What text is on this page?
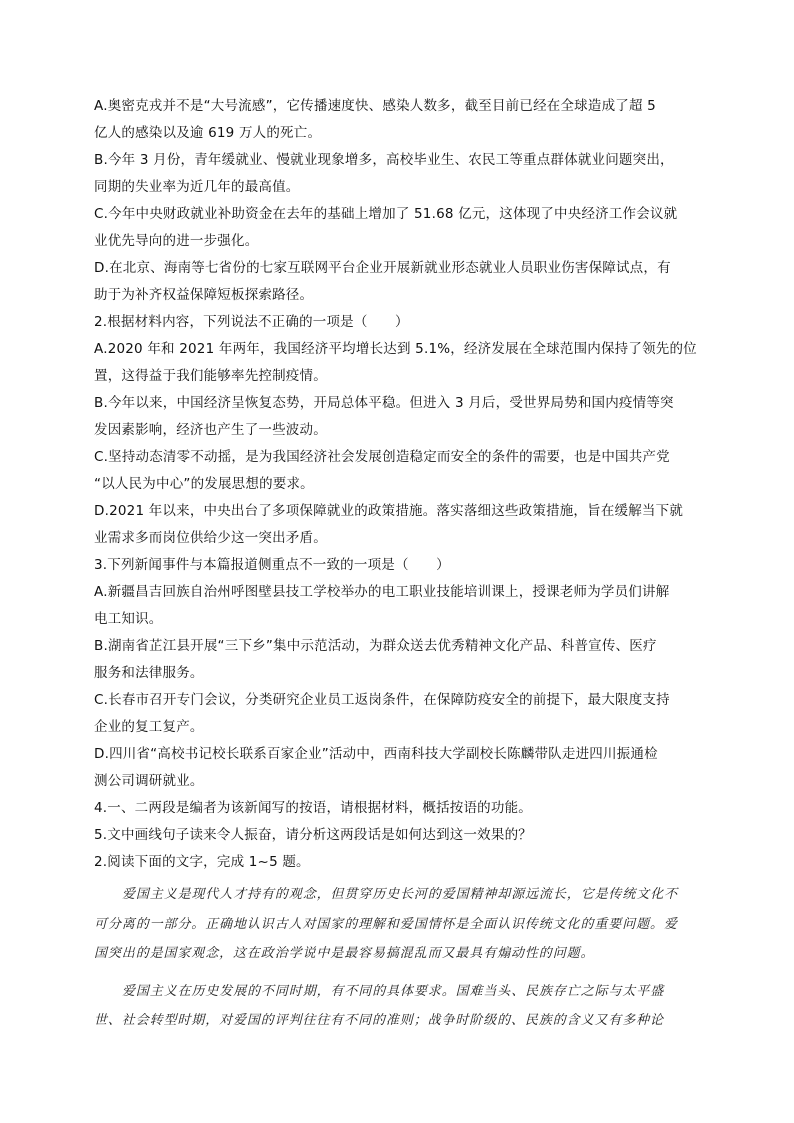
A.奥密克戎并不是“大号流感”，它传播速度快、感染人数多，截至目前已经在全球造成了超 5
亿人的感染以及逾 619 万人的死亡。
B.今年 3 月份，青年缓就业、慢就业现象增多，高校毕业生、农民工等重点群体就业问题突出，
同期的失业率为近几年的最高值。
C.今年中央财政就业补助资金在去年的基础上增加了 51.68 亿元，这体现了中央经济工作会议就
业优先导向的进一步强化。
D.在北京、海南等七省份的七家互联网平台企业开展新就业形态就业人员职业伤害保障试点，有
助于为补齐权益保障短板探索路径。
2.根据材料内容，下列说法不正确的一项是（　　）
A.2020 年和 2021 年两年，我国经济平均增长达到 5.1%，经济发展在全球范围内保持了领先的位
置，这得益于我们能够率先控制疫情。
B.今年以来，中国经济呈恢复态势，开局总体平稳。但进入 3 月后，受世界局势和国内疫情等突
发因素影响，经济也产生了一些波动。
C.坚持动态清零不动摇，是为我国经济社会发展创造稳定而安全的条件的需要，也是中国共产党
“以人民为中心”的发展思想的要求。
D.2021 年以来，中央出台了多项保障就业的政策措施。落实落细这些政策措施，旨在缓解当下就
业需求多而岗位供给少这一突出矛盾。
3.下列新闻事件与本篇报道侧重点不一致的一项是（　　）
A.新疆昌吉回族自治州呼图壁县技工学校举办的电工职业技能培训课上，授课老师为学员们讲解
电工知识。
B.湖南省芷江县开展“三下乡”集中示范活动，为群众送去优秀精神文化产品、科普宣传、医疗
服务和法律服务。
C.长春市召开专门会议，分类研究企业员工返岗条件，在保障防疫安全的前提下，最大限度支持
企业的复工复产。
D.四川省“高校书记校长联系百家企业”活动中，西南科技大学副校长陈麟带队走进四川振通检
测公司调研就业。
4.一、二两段是编者为该新闻写的按语，请根据材料，概括按语的功能。
5.文中画线句子读来令人振奋，请分析这两段话是如何达到这一效果的？
2.阅读下面的文字，完成 1~5 题。
爱国主义是现代人才持有的观念，但贯穿历史长河的爱国精神却源远流长，它是传统文化不
可分离的一部分。正确地认识古人对国家的理解和爱国情怀是全面认识传统文化的重要问题。爱
国突出的是国家观念，这在政治学说中是最容易搞混乱而又最具有煽动性的问题。
爱国主义在历史发展的不同时期，有不同的具体要求。国难当头、民族存亡之际与太平盛
世、社会转型时期，对爱国的评判往往有不同的准则；战争时阶级的、民族的含义又有多种论
